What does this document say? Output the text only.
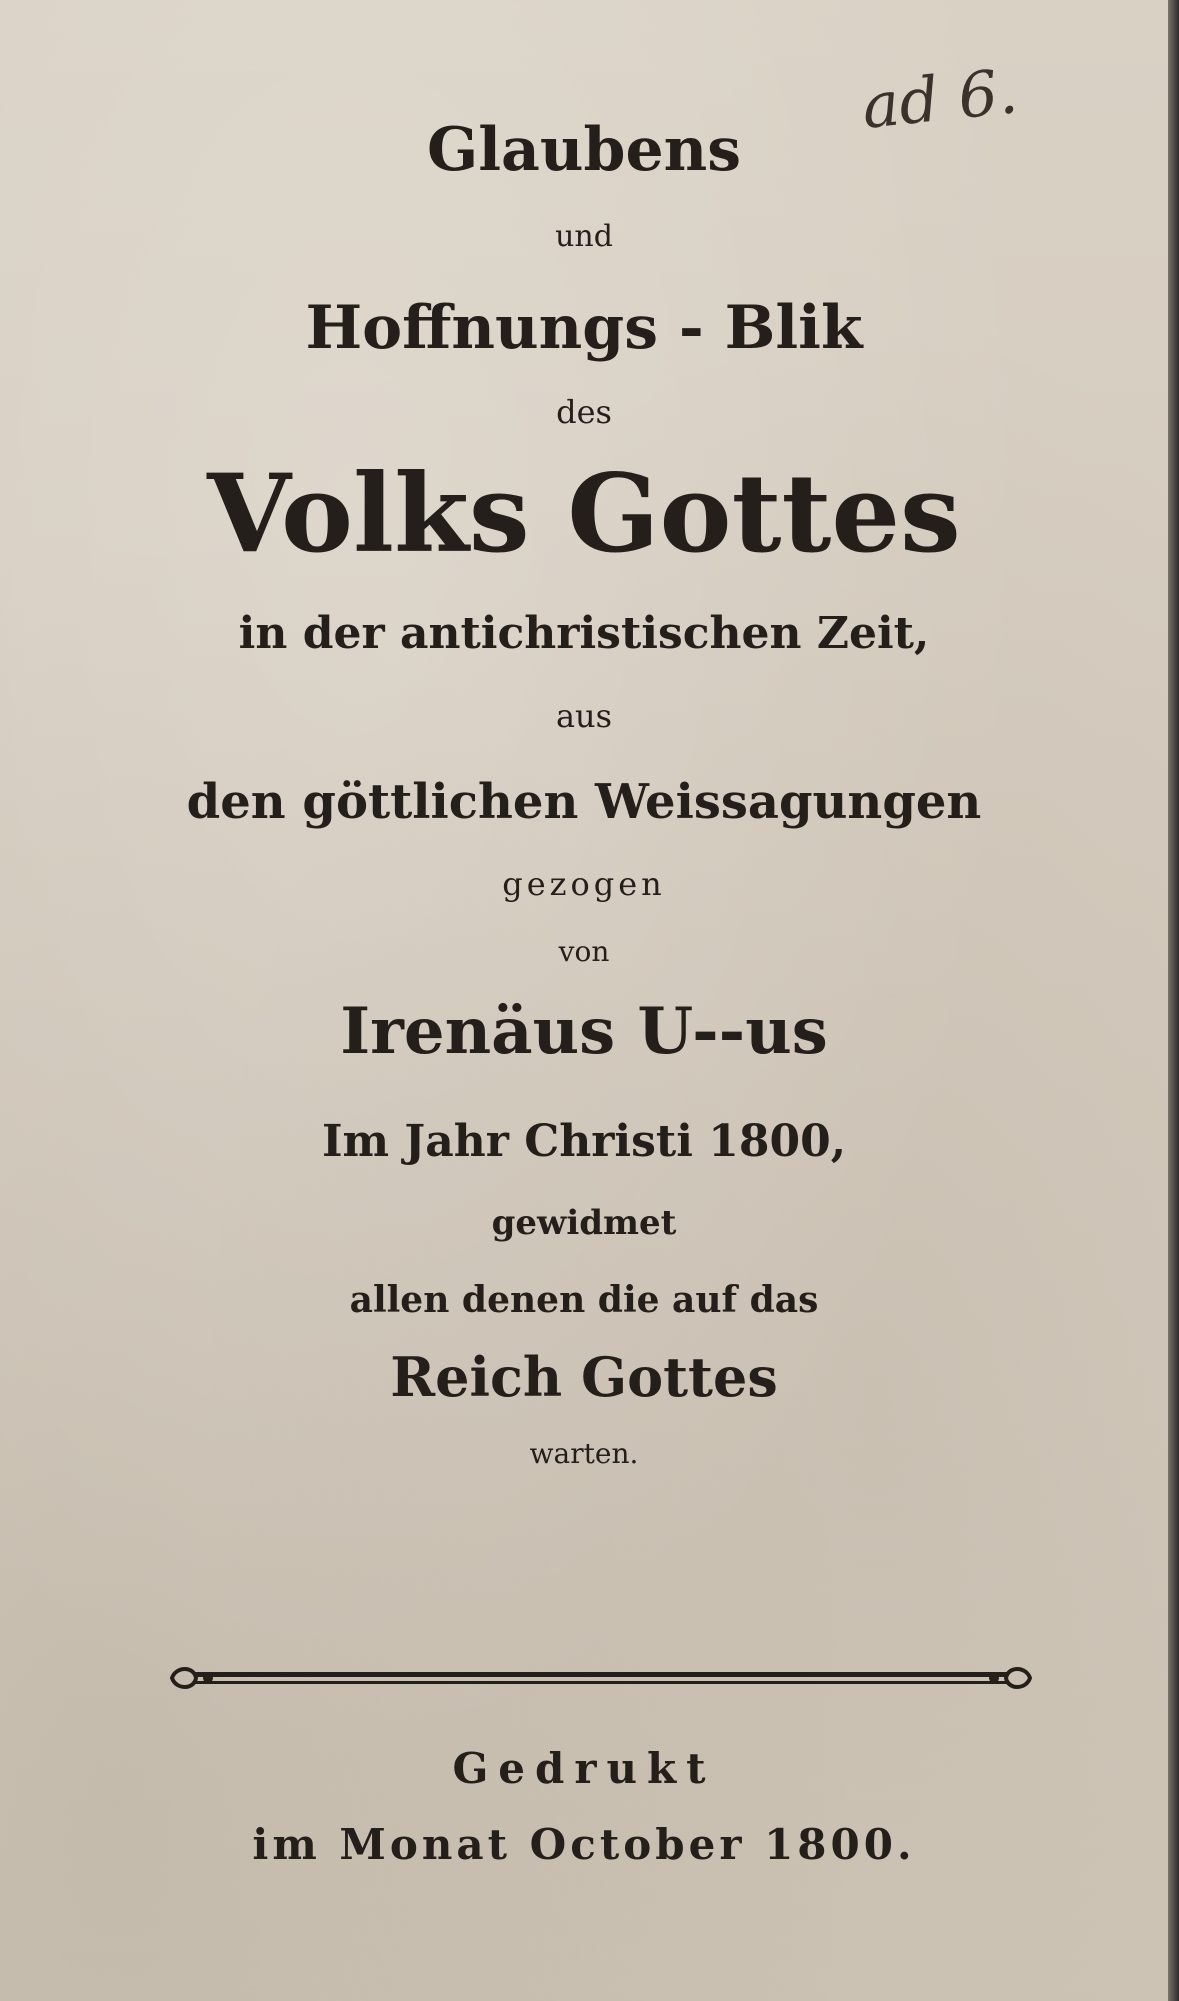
ad 6.
Glaubens
und
Hoffnungs - Blik
des
Volks Gottes
in der antichristischen Zeit,
aus
den göttlichen Weissagungen
gezogen
von
Irenäus U--us
Im Jahr Christi 1800,
gewidmet
allen denen die auf das
Reich Gottes
warten.
Gedrukt
im Monat October 1800.
